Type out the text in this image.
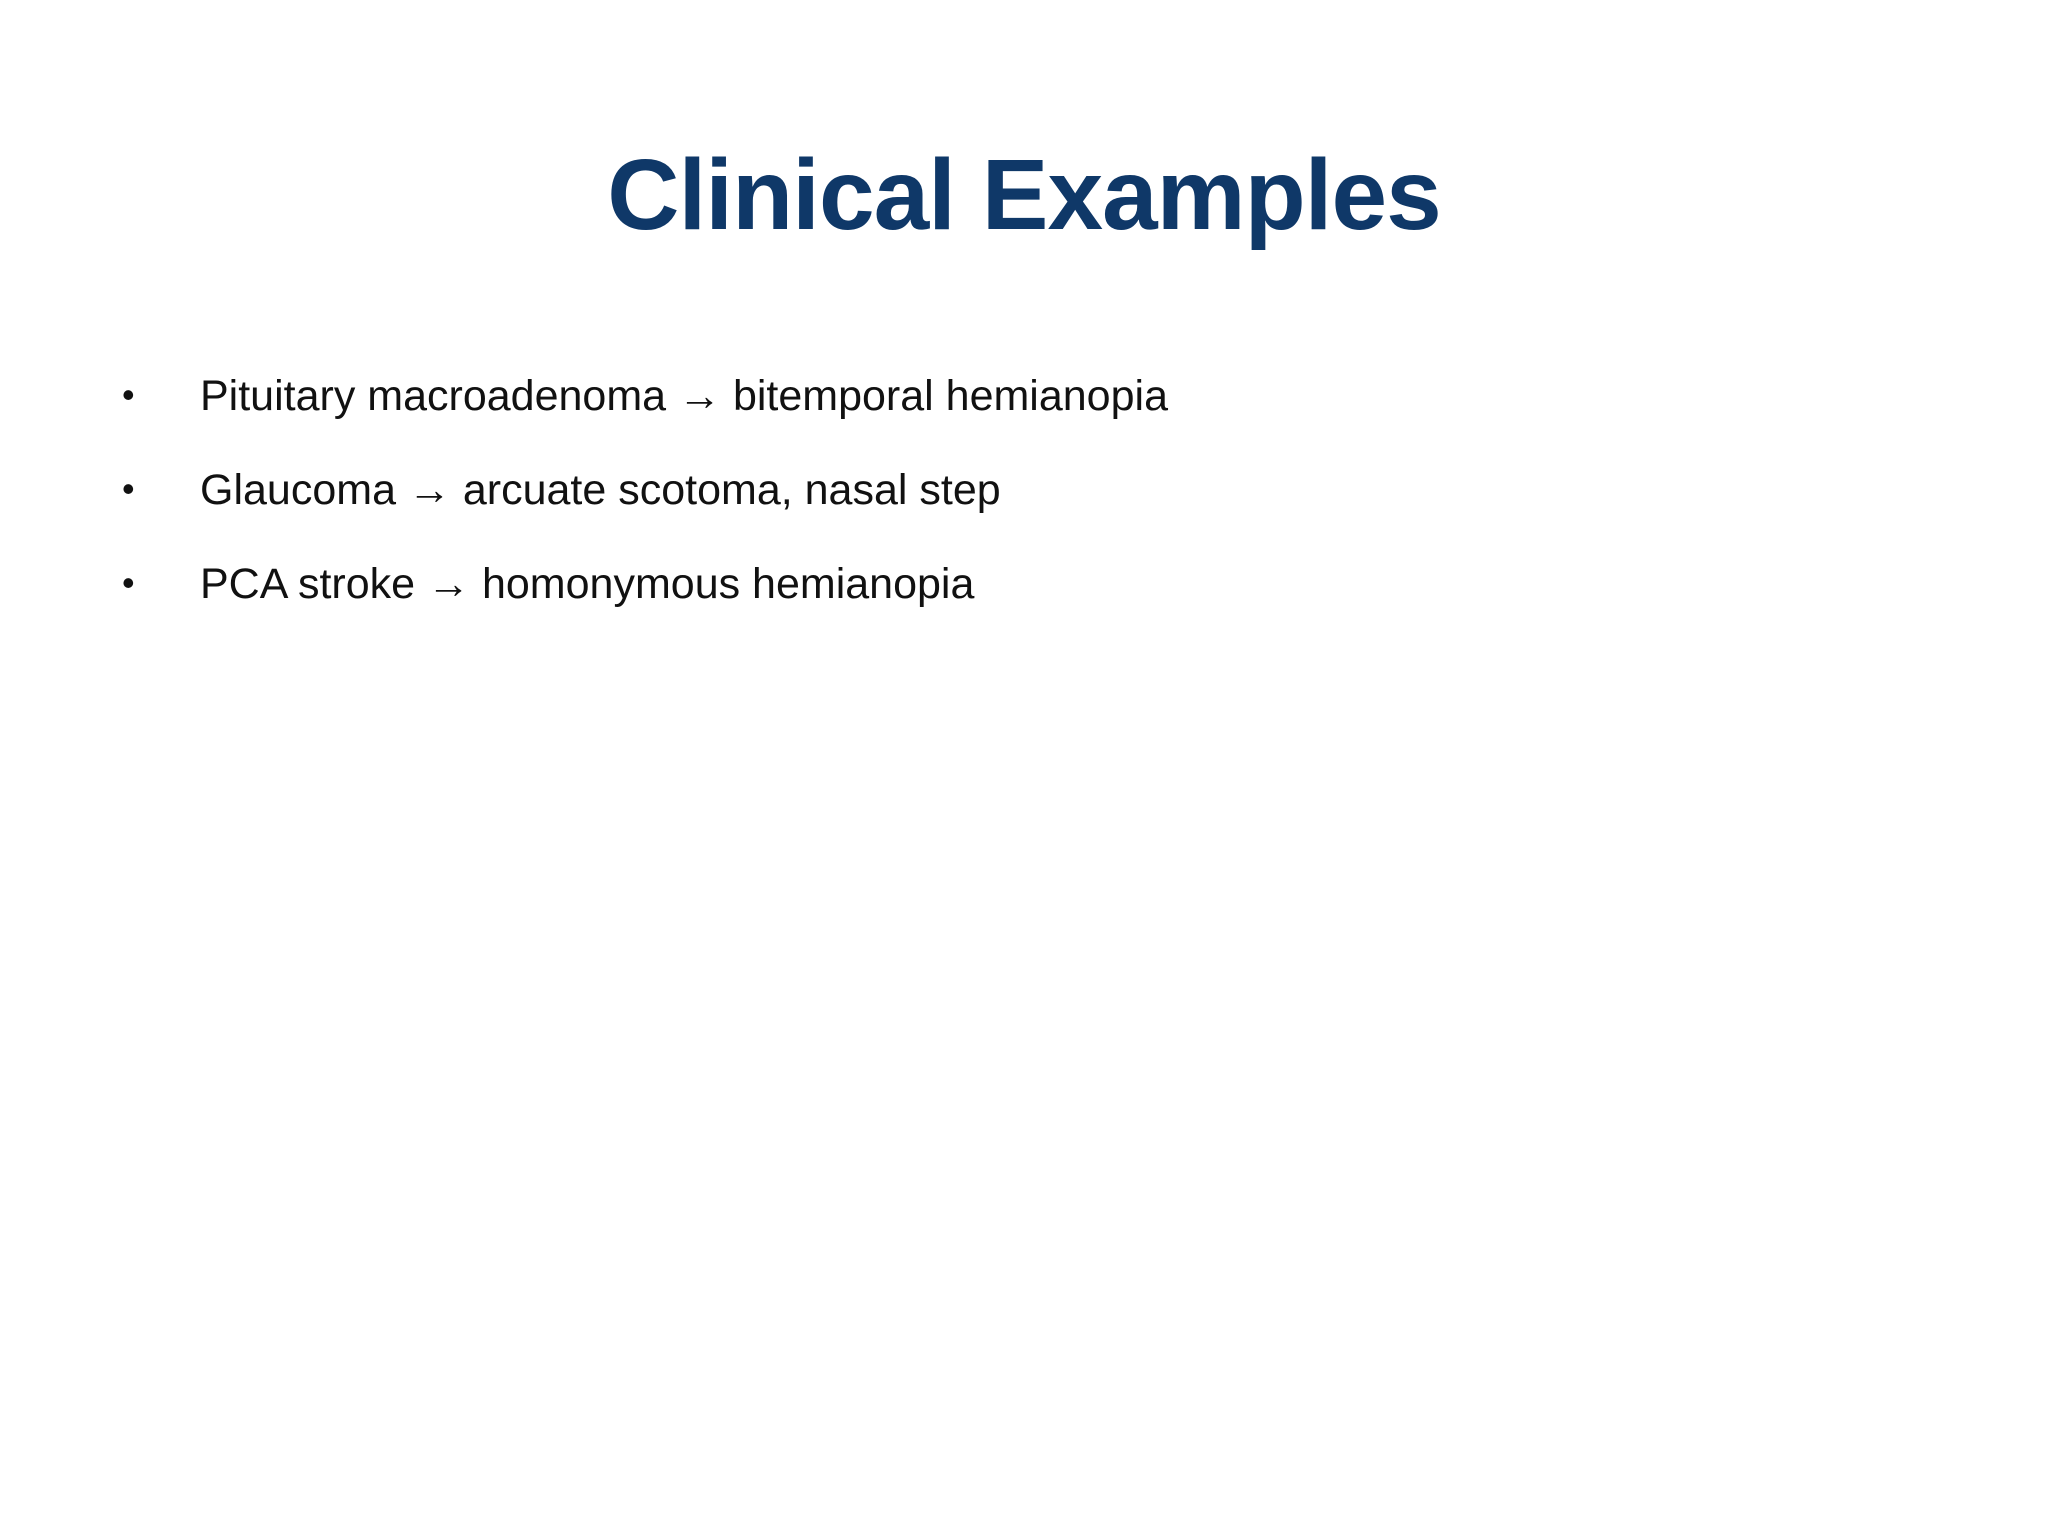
Clinical Examples
• Pituitary macroadenoma → bitemporal hemianopia
• Glaucoma → arcuate scotoma, nasal step
• PCA stroke → homonymous hemianopia
